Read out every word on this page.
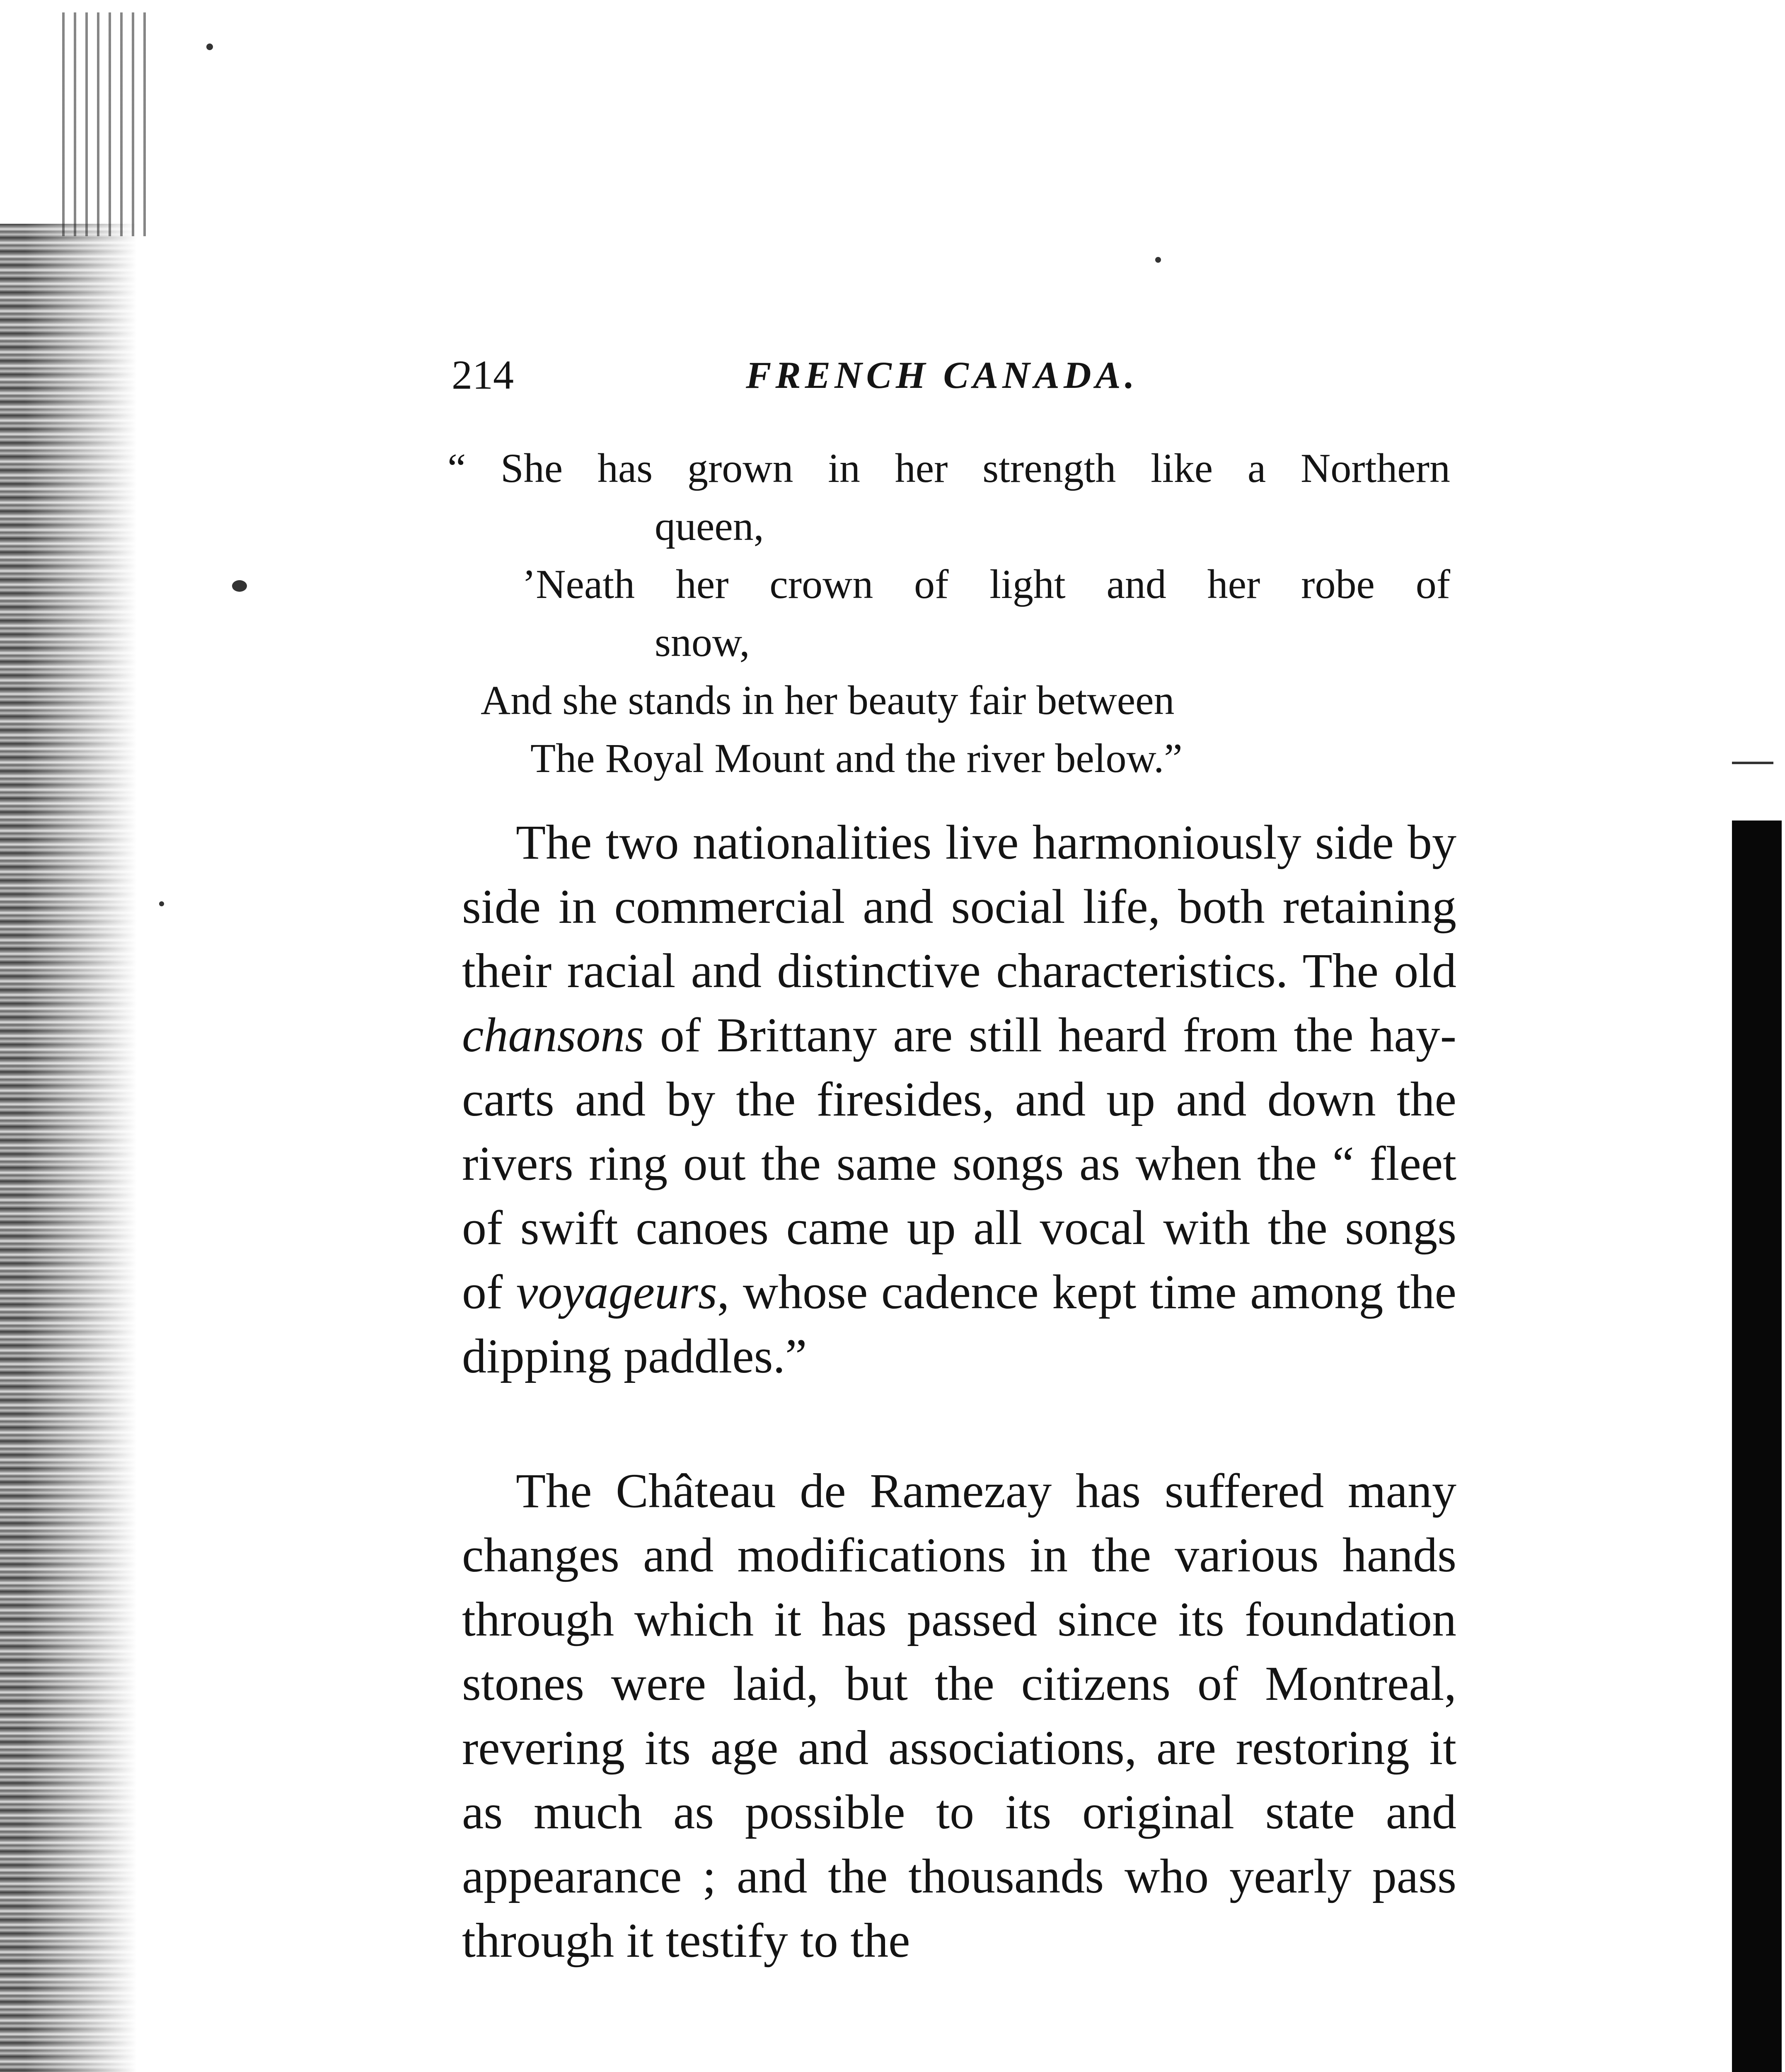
214	FRENCH CANADA.
“ She has grown in her strength like a Northern
queen,
’Neath her crown of light and her robe of
snow,
And she stands in her beauty fair between
The Royal Mount and the river below.”

The two nationalities live harmoniously side by side in commercial and social life, both retaining their racial and distinctive characteristics. The old chansons of Brittany are still heard from the hay-carts and by the firesides, and up and down the rivers ring out the same songs as when the “ fleet of swift canoes came up all vocal with the songs of voyageurs, whose cadence kept time among the dipping paddles.”

The Château de Ramezay has suffered many changes and modifications in the various hands through which it has passed since its foundation stones were laid, but the citizens of Montreal, revering its age and associations, are restoring it as much as possible to its original state and appearance ; and the thousands who yearly pass through it testify to the
